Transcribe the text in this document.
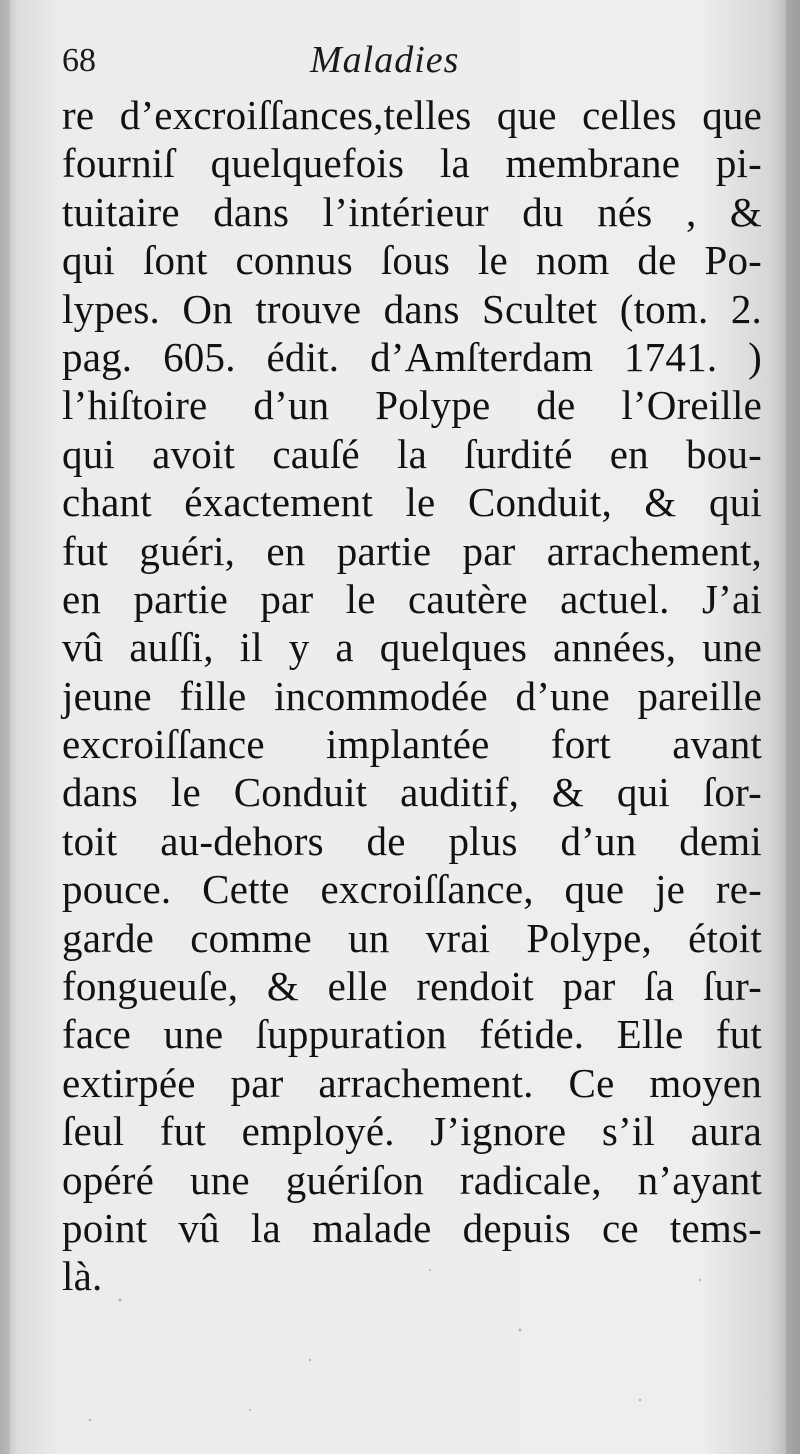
68	Maladies
re d’excroiſſances,telles que celles que
fourniſ quelquefois la membrane pi-
tuitaire dans l’intérieur du nés , &
qui ſont connus ſous le nom de Po-
lypes. On trouve dans Scultet (tom. 2.
pag. 605. édit. d’Amſterdam 1741. )
l’hiſtoire d’un Polype de l’Oreille
qui avoit cauſé la ſurdité en bou-
chant éxactement le Conduit, & qui
fut guéri, en partie par arrachement,
en partie par le cautère actuel. J’ai
vû auſſi, il y a quelques années, une
jeune fille incommodée d’une pareille
excroiſſance implantée fort avant
dans le Conduit auditif, & qui ſor-
toit au-dehors de plus d’un demi
pouce. Cette excroiſſance, que je re-
garde comme un vrai Polype, étoit
fongueuſe, & elle rendoit par ſa ſur-
face une ſuppuration fétide. Elle fut
extirpée par arrachement. Ce moyen
ſeul fut employé. J’ignore s’il aura
opéré une guériſon radicale, n’ayant
point vû la malade depuis ce tems-
là.
